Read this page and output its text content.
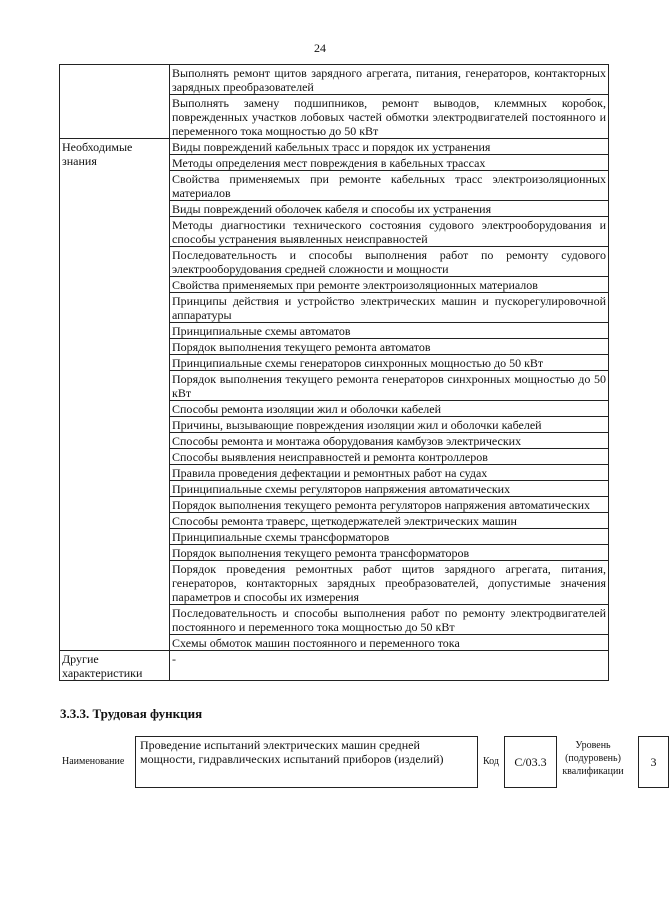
24
	Выполнять ремонт щитов зарядного агрегата, питания, генераторов, контакторных зарядных преобразователей
	Выполнять замену подшипников, ремонт выводов, клеммных коробок, поврежденных участков лобовых частей обмотки электродвигателей постоянного и переменного тока мощностью до 50 кВт
Необходимые знания	Виды повреждений кабельных трасс и порядок их устранения
	Методы определения мест повреждения в кабельных трассах
	Свойства применяемых при ремонте кабельных трасс электроизоляционных материалов
	Виды повреждений оболочек кабеля и способы их устранения
	Методы диагностики технического состояния судового электрооборудования и способы устранения выявленных неисправностей
	Последовательность и способы выполнения работ по ремонту судового электрооборудования средней сложности и мощности
	Свойства применяемых при ремонте электроизоляционных материалов
	Принципы действия и устройство электрических машин и пускорегулировочной аппаратуры
	Принципиальные схемы автоматов
	Порядок выполнения текущего ремонта автоматов
	Принципиальные схемы генераторов синхронных мощностью до 50 кВт
	Порядок выполнения текущего ремонта генераторов синхронных мощностью до 50 кВт
	Способы ремонта изоляции жил и оболочки кабелей
	Причины, вызывающие повреждения изоляции жил и оболочки кабелей
	Способы ремонта и монтажа оборудования камбузов электрических
	Способы выявления неисправностей и ремонта контроллеров
	Правила проведения дефектации и ремонтных работ на судах
	Принципиальные схемы регуляторов напряжения автоматических
	Порядок выполнения текущего ремонта регуляторов напряжения автоматических
	Способы ремонта траверс, щеткодержателей электрических машин
	Принципиальные схемы трансформаторов
	Порядок выполнения текущего ремонта трансформаторов
	Порядок проведения ремонтных работ щитов зарядного агрегата, питания, генераторов, контакторных зарядных преобразователей, допустимые значения параметров и способы их измерения
	Последовательность и способы выполнения работ по ремонту электродвигателей постоянного и переменного тока мощностью до 50 кВт
	Схемы обмоток машин постоянного и переменного тока
Другие характеристики	-
3.3.3. Трудовая функция
Наименование
Проведение испытаний электрических машин средней мощности, гидравлических испытаний приборов (изделий)	Код	С/03.3
Уровень (подуровень) квалификации
3
